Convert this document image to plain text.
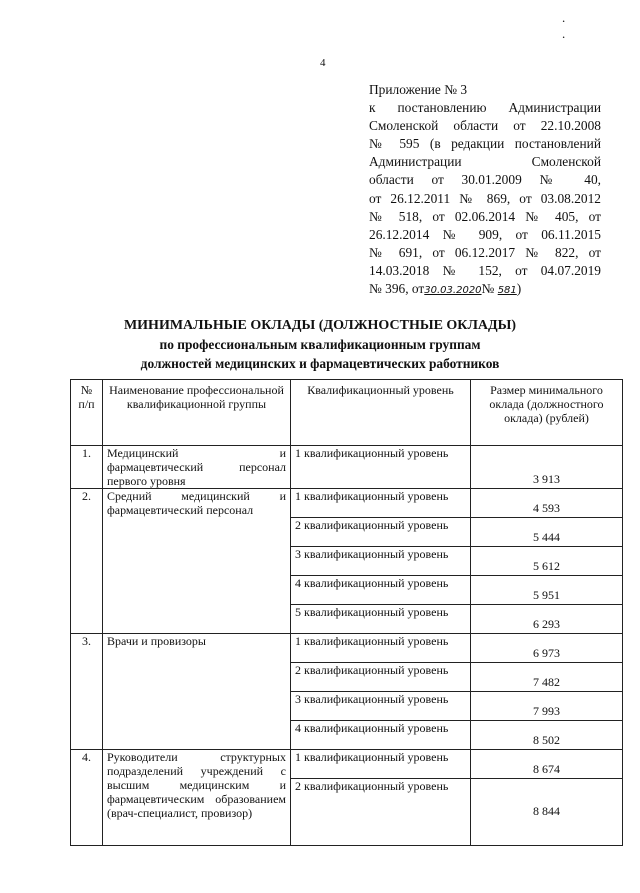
. .
4
Приложение № 3
к постановлению Администрации
Смоленской области от 22.10.2008
№ 595 (в редакции постановлений
Администрации Смоленской
области от 30.01.2009 № 40,
от 26.12.2011 № 869, от 03.08.2012
№ 518, от 02.06.2014 № 405, от
26.12.2014 № 909, от 06.11.2015
№ 691, от 06.12.2017 № 822, от
14.03.2018 № 152, от 04.07.2019
№ 396, от30.03.2020№ 581)
МИНИМАЛЬНЫЕ ОКЛАДЫ (ДОЛЖНОСТНЫЕ ОКЛАДЫ)
по профессиональным квалификационным группам
должностей медицинских и фармацевтических работников
№ п/п	Наименование профессиональной квалификационной группы	Квалификационный уровень	Размер минимального оклада (должностного оклада) (рублей)
1.	Медицинский и фармацевтический персонал первого уровня	1 квалификационный уровень	3 913
2.	Средний медицинский и фармацевтический персонал	1 квалификационный уровень	4 593
		2 квалификационный уровень	5 444
		3 квалификационный уровень	5 612
		4 квалификационный уровень	5 951
		5 квалификационный уровень	6 293
3.	Врачи и провизоры	1 квалификационный уровень	6 973
		2 квалификационный уровень	7 482
		3 квалификационный уровень	7 993
		4 квалификационный уровень	8 502
4.	Руководители структурных подразделений учреждений с высшим медицинским и фармацевтическим образованием (врач-специалист, провизор)	1 квалификационный уровень	8 674
		2 квалификационный уровень	8 844
